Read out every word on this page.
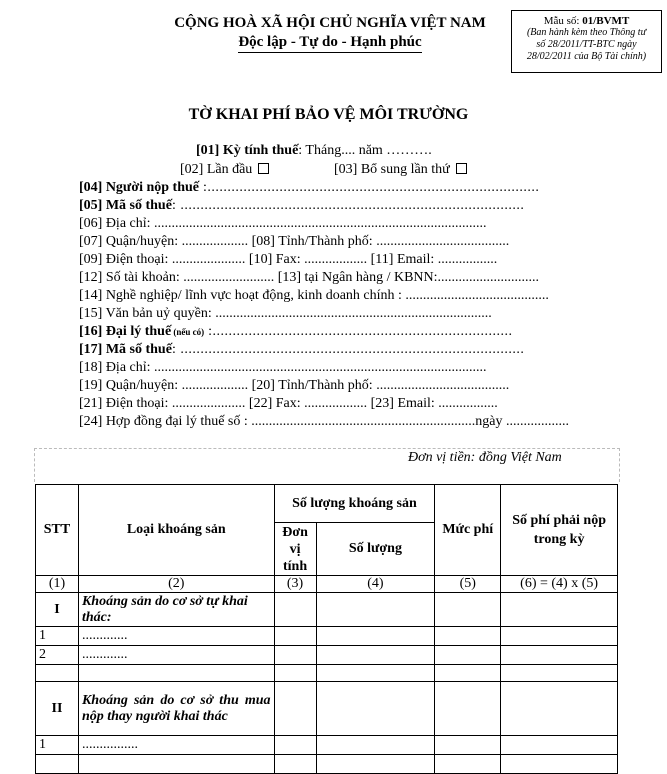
CỘNG HOÀ XÃ HỘI CHỦ NGHĨA VIỆT NAM
Độc lập - Tự do - Hạnh phúc
Mẫu số: 01/BVMT
(Ban hành kèm theo Thông tư
số 28/2011/TT-BTC ngày
28/02/2011 của Bộ Tài chính)
TỜ KHAI PHÍ BẢO VỆ MÔI TRƯỜNG
[01] Kỳ tính thuế: Tháng.... năm ……….
[02] Lần đầu	[03] Bổ sung lần thứ
[04] Người nộp thuế :...................................................................................
[05] Mã số thuế: ......................................................................................
[06] Địa chỉ: ...............................................................................................
[07] Quận/huyện: ................... [08] Tỉnh/Thành phố: ......................................
[09] Điện thoại: ..................... [10] Fax: .................. [11] Email: .................
[12] Số tài khoản: .......................... [13] tại Ngân hàng / KBNN:.............................
[14] Nghề nghiệp/ lĩnh vực hoạt động, kinh doanh chính : .........................................
[15] Văn bản uỷ quyền: ...............................................................................
[16] Đại lý thuế (nếu có) :...........................................................................
[17] Mã số thuế: ......................................................................................
[18] Địa chỉ: ...............................................................................................
[19] Quận/huyện: ................... [20] Tỉnh/Thành phố: ......................................
[21] Điện thoại: ..................... [22] Fax: .................. [23] Email: .................
[24] Hợp đồng đại lý thuế số : ................................................................ngày ..................
Đơn vị tiền: đồng Việt Nam
STT	Loại khoáng sản	Số lượng khoáng sản		Mức phí	Số phí phải nộp trong kỳ
		Đơn vị tính	Số lượng		
(1)	(2)	(3)	(4)	(5)	(6) = (4) x (5)
I	Khoáng sản do cơ sở tự khai thác:				
1	.............				
2	.............				

II	Khoáng sản do cơ sở thu mua nộp thay người khai thác				
1	................				
